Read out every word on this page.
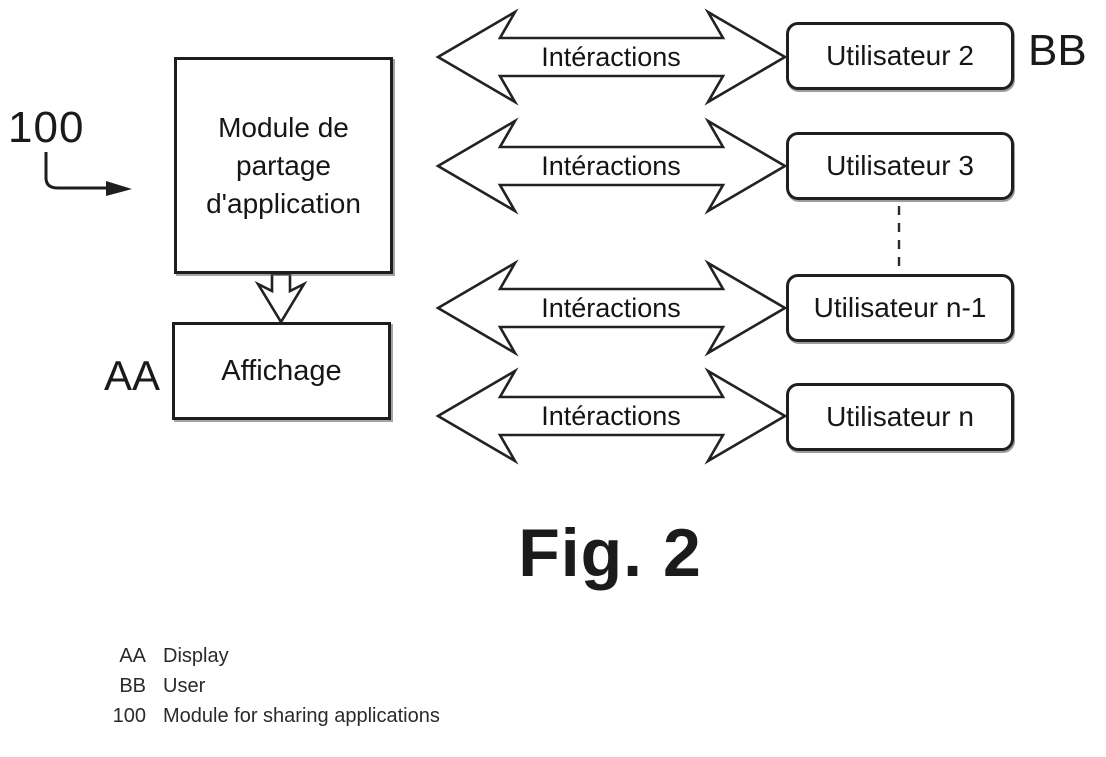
100	Module de
partage
d'application
Affichage
AA
BB
Intéractions
Intéractions
Intéractions
Intéractions
Utilisateur 2
Utilisateur 3
Utilisateur n-1
Utilisateur n
Fig. 2
AA Display
BB User
100 Module for sharing applications
